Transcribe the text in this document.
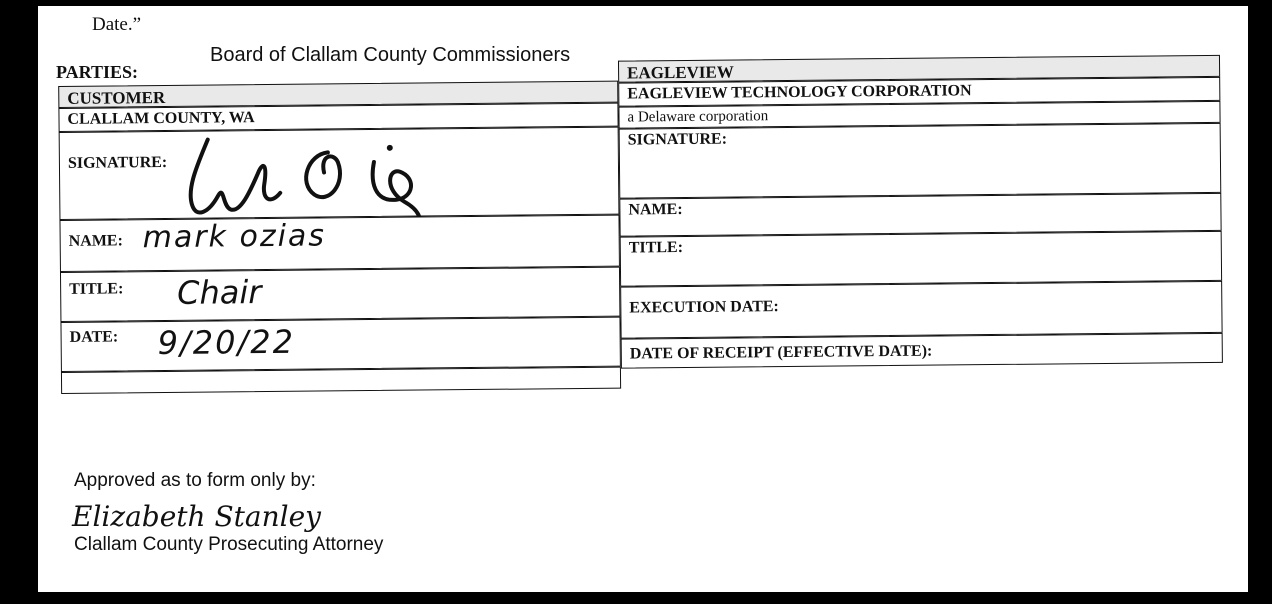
Date.”
Board of Clallam County Commissioners
PARTIES:
CUSTOMER
CLALLAM COUNTY, WA
SIGNATURE:
NAME: mark ozias
TITLE: Chair
DATE: 9/20/22
EAGLEVIEW
EAGLEVIEW TECHNOLOGY CORPORATION
a Delaware corporation
SIGNATURE:
NAME:
TITLE:
EXECUTION DATE:
DATE OF RECEIPT (EFFECTIVE DATE):
Approved as to form only by:
Elizabeth Stanley
Clallam County Prosecuting Attorney
